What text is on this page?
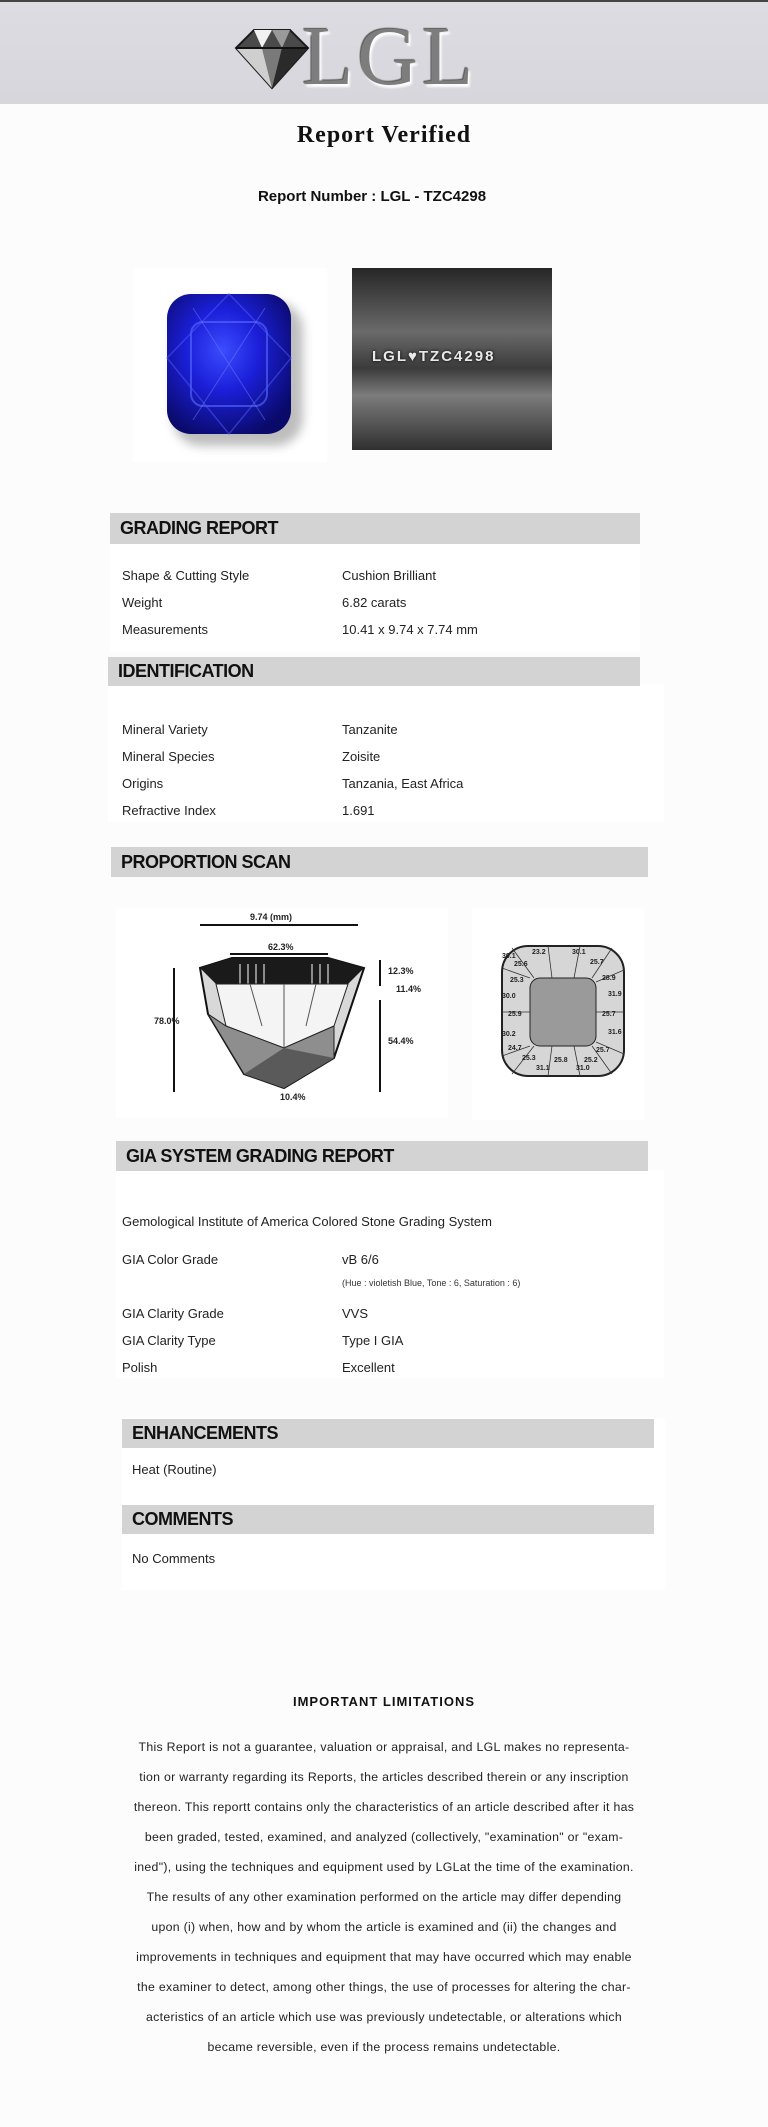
LGL
Report Verified
Report Number : LGL - TZC4298
LGL♥TZC4298
GRADING REPORT
Shape & Cutting Style	Cushion Brilliant
Weight	6.82 carats
Measurements	10.41 x 9.74 x 7.74 mm
IDENTIFICATION
Mineral Variety	Tanzanite
Mineral Species	Zoisite
Origins	Tanzania, East Africa
Refractive Index	1.691
PROPORTION SCAN
9.74 (mm)
62.3%
78.0%
12.3%
11.4%
54.4%
10.4%
30.1
23.2	30.1
25.6	25.7
25.3	28.9
30.0	31.9
25.9	25.7
30.2	31.6
24.7	25.7
25.3	25.8 25.2
31.1	31.0
GIA SYSTEM GRADING REPORT
Gemological Institute of America Colored Stone Grading System
GIA Color Grade	vB 6/6
(Hue : violetish Blue, Tone : 6, Saturation : 6)
GIA Clarity Grade	VVS
GIA Clarity Type	Type I GIA
Polish	Excellent
ENHANCEMENTS
Heat (Routine)
COMMENTS
No Comments
IMPORTANT LIMITATIONS
This Report is not a guarantee, valuation or appraisal, and LGL makes no representa-
tion or warranty regarding its Reports, the articles described therein or any inscription
thereon. This reportt contains only the characteristics of an article described after it has
been graded, tested, examined, and analyzed (collectively, "examination" or "exam-
ined"), using the techniques and equipment used by LGLat the time of the examination.
The results of any other examination performed on the article may differ depending
upon (i) when, how and by whom the article is examined and (ii) the changes and
improvements in techniques and equipment that may have occurred which may enable
the examiner to detect, among other things, the use of processes for altering the char-
acteristics of an article which use was previously undetectable, or alterations which
became reversible, even if the process remains undetectable.
